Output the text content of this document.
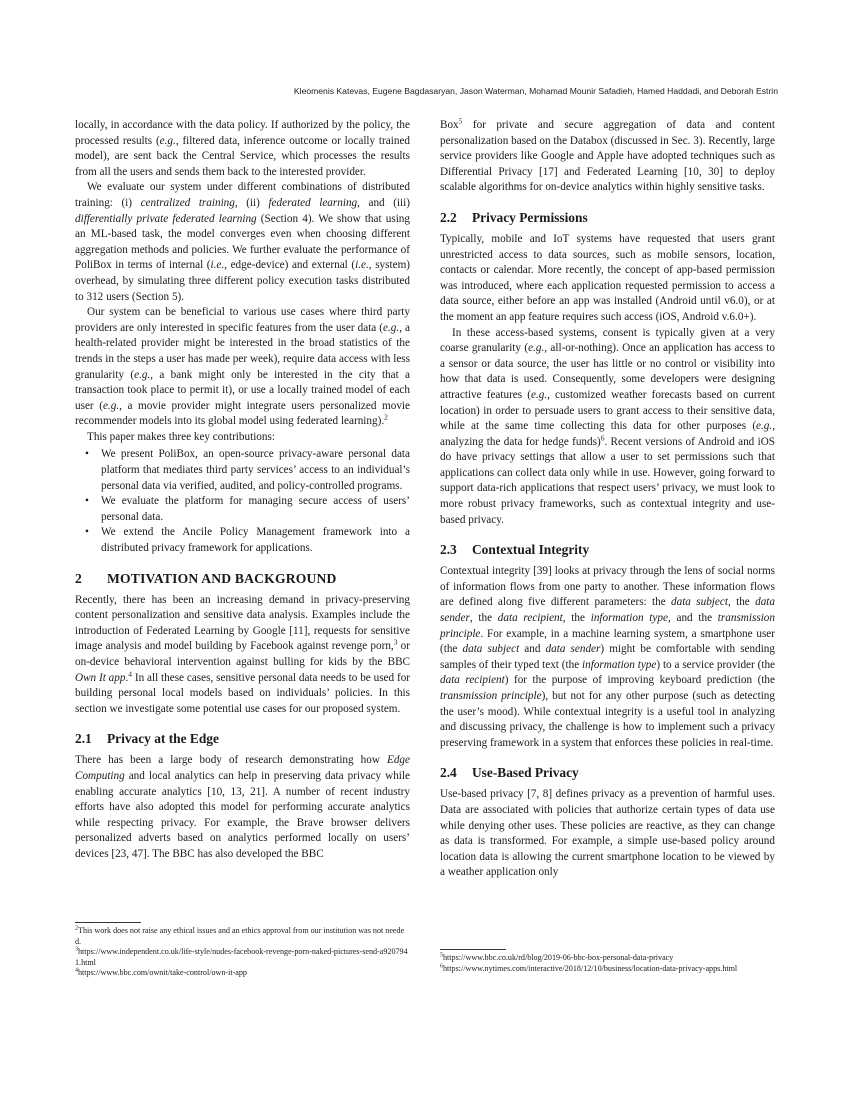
Kleomenis Katevas, Eugene Bagdasaryan, Jason Waterman, Mohamad Mounir Safadieh, Hamed Haddadi, and Deborah Estrin

locally, in accordance with the data policy. If authorized by the policy, the processed results (e.g., filtered data, inference outcome or locally trained model), are sent back the Central Service, which processes the results from all the users and sends them back to the interested provider.

We evaluate our system under different combinations of distributed training: (i) centralized training, (ii) federated learning, and (iii) differentially private federated learning (Section 4). We show that using an ML-based task, the model converges even when choosing different aggregation methods and policies. We further evaluate the performance of PoliBox in terms of internal (i.e., edge-device) and external (i.e., system) overhead, by simulating three different policy execution tasks distributed to 312 users (Section 5).

Our system can be beneficial to various use cases where third party providers are only interested in specific features from the user data (e.g., a health-related provider might be interested in the broad statistics of the trends in the steps a user has made per week), require data access with less granularity (e.g., a bank might only be interested in the city that a transaction took place to permit it), or use a locally trained model of each user (e.g., a movie provider might integrate users personalized movie recommender models into its global model using federated learning).$^2$

This paper makes three key contributions:

• We present PoliBox, an open-source privacy-aware personal data platform that mediates third party services’ access to an individual’s personal data via verified, audited, and policy-controlled programs.
• We evaluate the platform for managing secure access of users’ personal data.
• We extend the Ancile Policy Management framework into a distributed privacy framework for applications.
2 MOTIVATION AND BACKGROUND

Recently, there has been an increasing demand in privacy-preserving content personalization and sensitive data analysis. Examples include the introduction of Federated Learning by Google [11], requests for sensitive image analysis and model building by Facebook against revenge porn,$^3$ or on-device behavioral intervention against bulling for kids by the BBC Own It app.$^4$ In all these cases, sensitive personal data needs to be used for building personal local models based on individuals’ policies. In this section we investigate some potential use cases for our proposed system.

2.1 Privacy at the Edge

There has been a large body of research demonstrating how Edge Computing and local analytics can help in preserving data privacy while enabling accurate analytics [10, 13, 21]. A number of recent industry efforts have also adopted this model for performing accurate analytics while respecting privacy. For example, the Brave browser delivers personalized adverts based on analytics performed locally on users’ devices [23, 47]. The BBC has also developed the BBC

$^2$This work does not raise any ethical issues and an ethics approval from our institution was not needed.

$^3$https://www.independent.co.uk/life-style/nudes-facebook-revenge-porn-naked-pictures-send-a9207941.html

$^4$https://www.bbc.com/ownit/take-control/own-it-app

Box$^5$ for private and secure aggregation of data and content personalization based on the Databox (discussed in Sec. 3). Recently, large service providers like Google and Apple have adopted techniques such as Differential Privacy [17] and Federated Learning [10, 30] to deploy scalable algorithms for on-device analytics within highly sensitive tasks.

2.2 Privacy Permissions

Typically, mobile and IoT systems have requested that users grant unrestricted access to data sources, such as mobile sensors, location, contacts or calendar. More recently, the concept of app-based permission was introduced, where each application requested permission to access a data source, either before an app was installed (Android until v6.0), or at the moment an app feature requires such access (iOS, Android v.6.0+).

In these access-based systems, consent is typically given at a very coarse granularity (e.g., all-or-nothing). Once an application has access to a sensor or data source, the user has little or no control or visibility into how that data is used. Consequently, some developers were designing attractive features (e.g., customized weather forecasts based on current location) in order to persuade users to grant access to their sensitive data, while at the same time collecting this data for other purposes (e.g., analyzing the data for hedge funds)$^6$. Recent versions of Android and iOS do have privacy settings that allow a user to set permissions such that applications can collect data only while in use. However, going forward to support data-rich applications that respect users’ privacy, we must look to more robust privacy frameworks, such as contextual integrity and use-based privacy.

2.3 Contextual Integrity

Contextual integrity [39] looks at privacy through the lens of social norms of information flows from one party to another. These information flows are defined along five different parameters: the data subject, the data sender, the data recipient, the information type, and the transmission principle. For example, in a machine learning system, a smartphone user (the data subject and data sender) might be comfortable with sending samples of their typed text (the information type) to a service provider (the data recipient) for the purpose of improving keyboard prediction (the transmission principle), but not for any other purpose (such as detecting the user’s mood). While contextual integrity is a useful tool in analyzing and discussing privacy, the challenge is how to implement such a privacy preserving framework in a system that enforces these policies in real-time.

2.4 Use-Based Privacy

Use-based privacy [7, 8] defines privacy as a prevention of harmful uses. Data are associated with policies that authorize certain types of data use while denying other uses. These policies are reactive, as they can change as data is transformed. For example, a simple use-based policy around location data is allowing the current smartphone location to be viewed by a weather application only

$^5$https://www.bbc.co.uk/rd/blog/2019-06-bbc-box-personal-data-privacy

$^6$https://www.nytimes.com/interactive/2018/12/10/business/location-data-privacy-apps.html
